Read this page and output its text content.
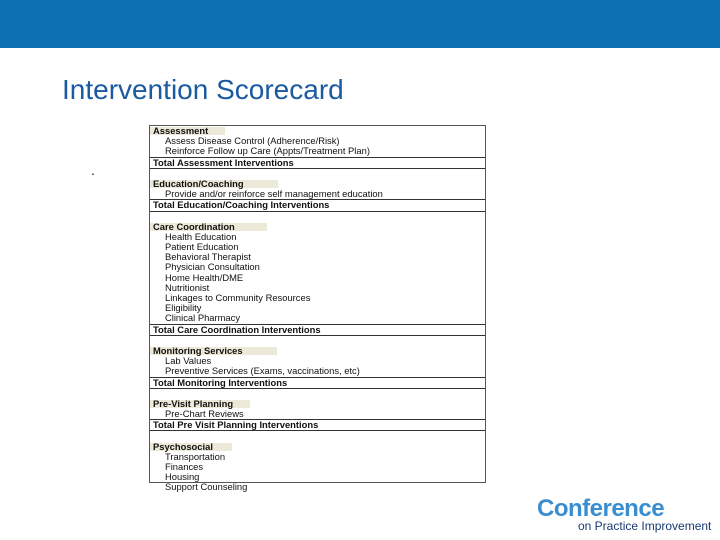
Intervention Scorecard
.
Assessment
Assess Disease Control (Adherence/Risk)
Reinforce Follow up Care (Appts/Treatment Plan)
Total Assessment Interventions
Education/Coaching
Provide and/or reinforce self management education
Total Education/Coaching Interventions
Care Coordination
Health Education
Patient Education
Behavioral Therapist
Physician Consultation
Home Health/DME
Nutritionist
Linkages to Community Resources
Eligibility
Clinical Pharmacy
Total Care Coordination Interventions
Monitoring Services
Lab Values
Preventive Services (Exams, vaccinations, etc)
Total Monitoring Interventions
Pre-Visit Planning
Pre-Chart Reviews
Total Pre Visit Planning Interventions
Psychosocial
Transportation
Finances
Housing
Support Counseling
Conference
on Practice Improvement
